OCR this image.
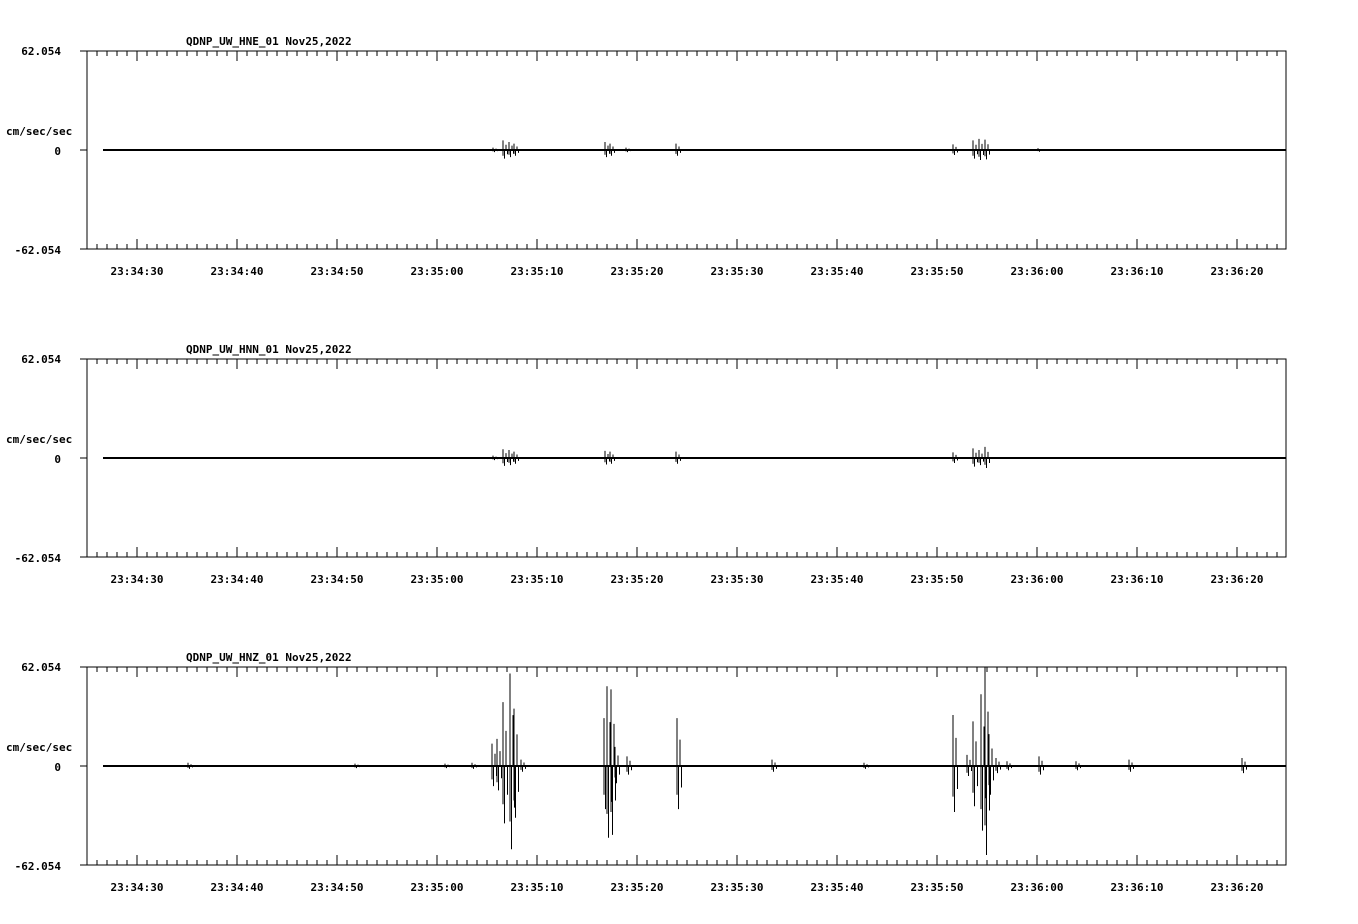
QDNP_UW_HNE_01 Nov25,2022
62.054
0
-62.054
cm/sec/sec
23:34:30	23:34:40	23:34:50	23:35:00	23:35:10	23:35:20	23:35:30	23:35:40	23:35:50	23:36:00	23:36:10	23:36:20
QDNP_UW_HNN_01 Nov25,2022
62.054
0
-62.054
cm/sec/sec
23:34:30	23:34:40	23:34:50	23:35:00	23:35:10	23:35:20	23:35:30	23:35:40	23:35:50	23:36:00	23:36:10	23:36:20
QDNP_UW_HNZ_01 Nov25,2022
62.054
0
-62.054
cm/sec/sec
23:34:30	23:34:40	23:34:50	23:35:00	23:35:10	23:35:20	23:35:30	23:35:40	23:35:50	23:36:00	23:36:10	23:36:20
